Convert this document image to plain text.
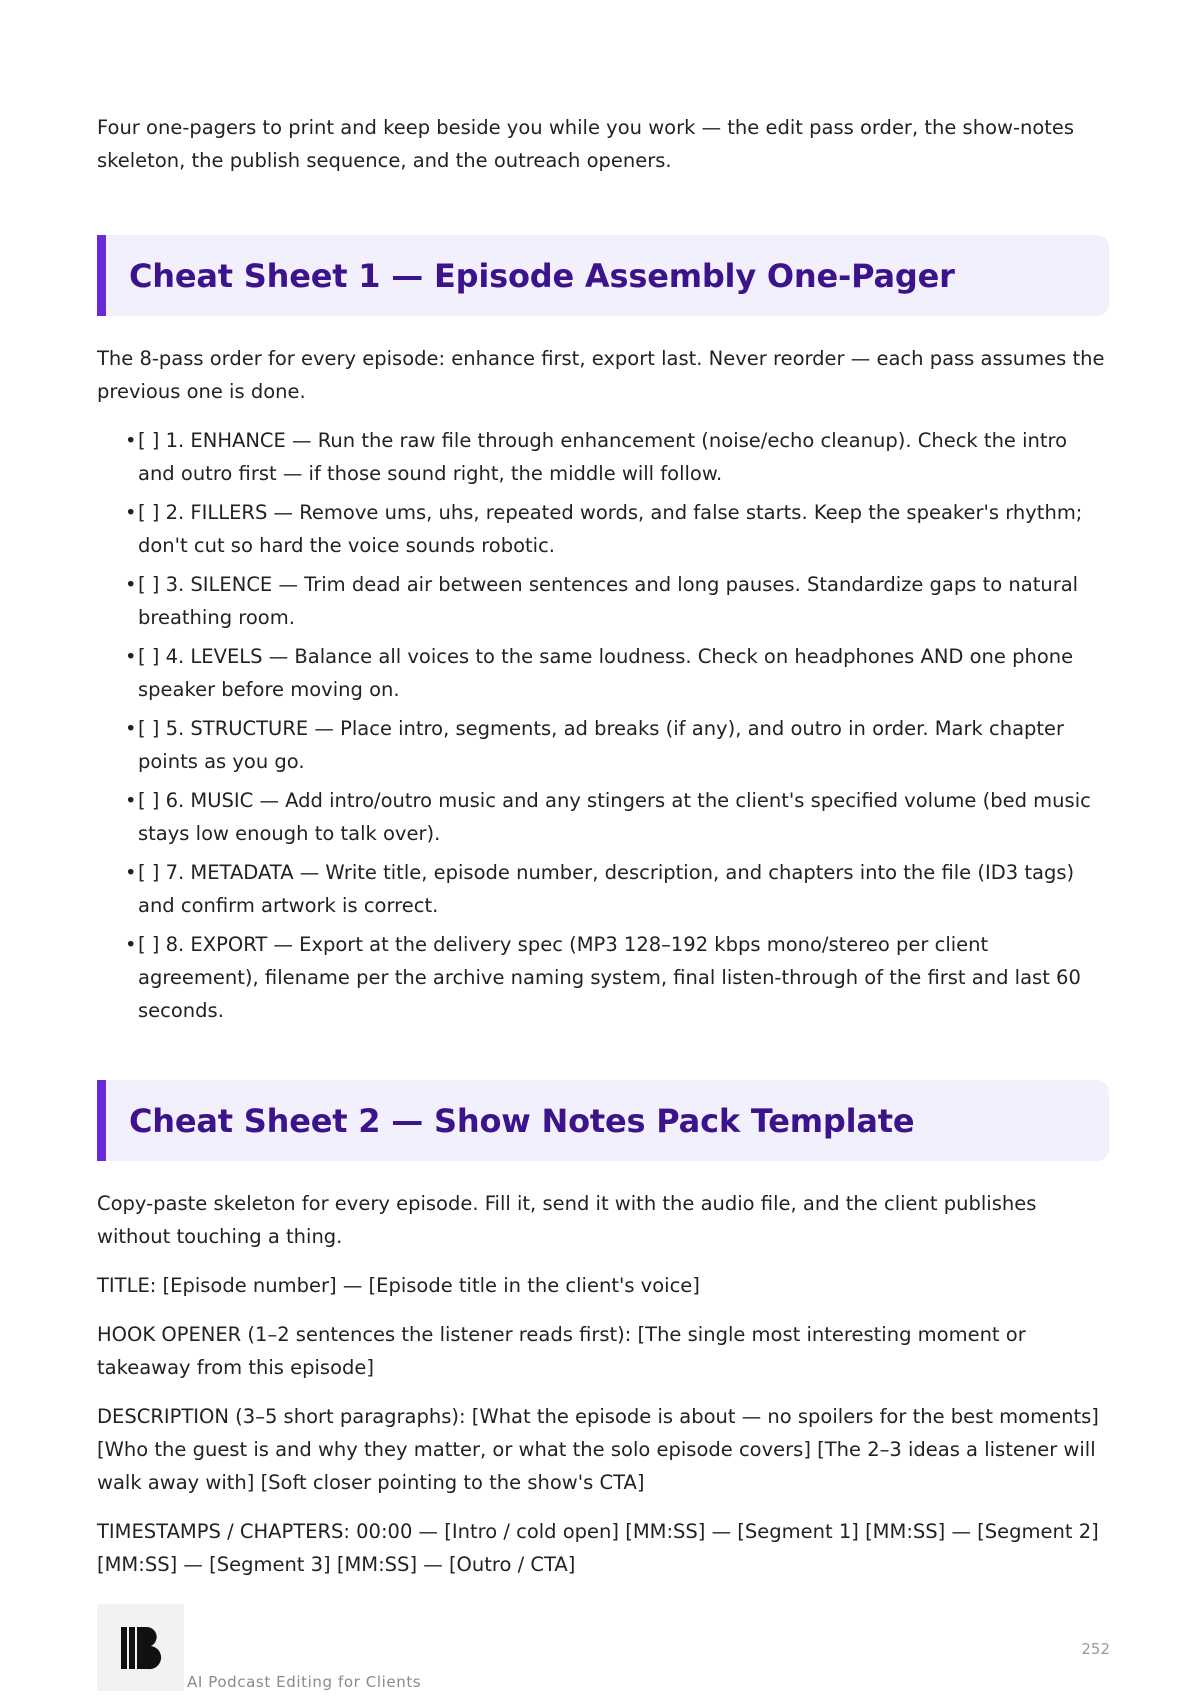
Four one-pagers to print and keep beside you while you work — the edit pass order, the show-notes skeleton, the publish sequence, and the outreach openers.

Cheat Sheet 1 — Episode Assembly One-Pager

The 8-pass order for every episode: enhance first, export last. Never reorder — each pass assumes the previous one is done.

• [ ] 1. ENHANCE — Run the raw file through enhancement (noise/echo cleanup). Check the intro and outro first — if those sound right, the middle will follow.
• [ ] 2. FILLERS — Remove ums, uhs, repeated words, and false starts. Keep the speaker's rhythm; don't cut so hard the voice sounds robotic.
• [ ] 3. SILENCE — Trim dead air between sentences and long pauses. Standardize gaps to natural breathing room.
• [ ] 4. LEVELS — Balance all voices to the same loudness. Check on headphones AND one phone speaker before moving on.
• [ ] 5. STRUCTURE — Place intro, segments, ad breaks (if any), and outro in order. Mark chapter points as you go.
• [ ] 6. MUSIC — Add intro/outro music and any stingers at the client's specified volume (bed music stays low enough to talk over).
• [ ] 7. METADATA — Write title, episode number, description, and chapters into the file (ID3 tags) and confirm artwork is correct.
• [ ] 8. EXPORT — Export at the delivery spec (MP3 128–192 kbps mono/stereo per client agreement), filename per the archive naming system, final listen-through of the first and last 60 seconds.
Cheat Sheet 2 — Show Notes Pack Template

Copy-paste skeleton for every episode. Fill it, send it with the audio file, and the client publishes without touching a thing.

TITLE: [Episode number] — [Episode title in the client's voice]

HOOK OPENER (1–2 sentences the listener reads first): [The single most interesting moment or takeaway from this episode]

DESCRIPTION (3–5 short paragraphs): [What the episode is about — no spoilers for the best moments] [Who the guest is and why they matter, or what the solo episode covers] [The 2–3 ideas a listener will walk away with] [Soft closer pointing to the show's CTA]

TIMESTAMPS / CHAPTERS: 00:00 — [Intro / cold open] [MM:SS] — [Segment 1] [MM:SS] — [Segment 2] [MM:SS] — [Segment 3] [MM:SS] — [Outro / CTA]

AI Podcast Editing for Clients
252
